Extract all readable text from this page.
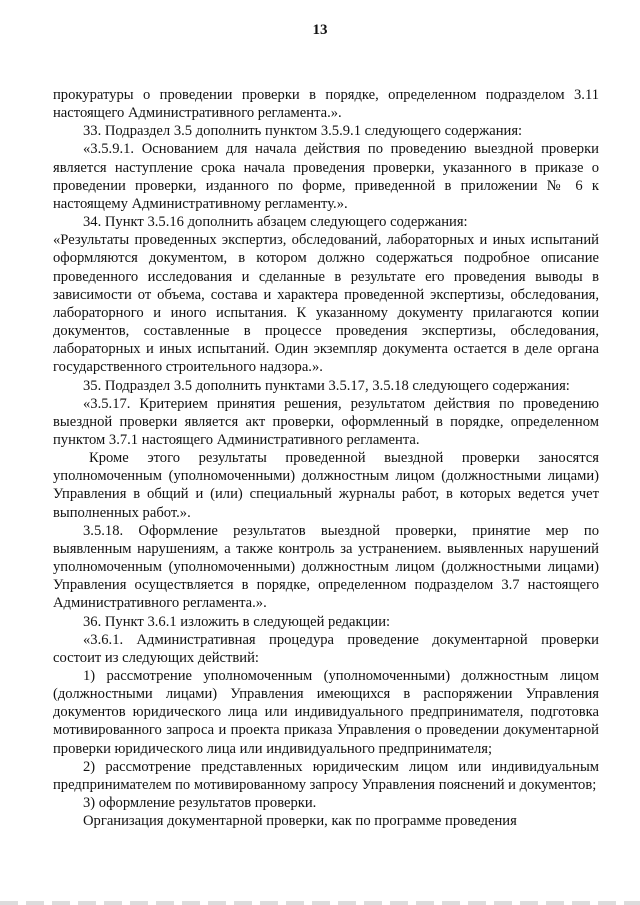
13

прокуратуры о проведении проверки в порядке, определенном подразделом 3.11 настоящего Административного регламента.».

33. Подраздел 3.5 дополнить пунктом 3.5.9.1 следующего содержания:

«3.5.9.1. Основанием для начала действия по проведению выездной проверки является наступление срока начала проведения проверки, указанного в приказе о проведении проверки, изданного по форме, приведенной в приложении № 6 к настоящему Административному регламенту.».

34. Пункт 3.5.16 дополнить абзацем следующего содержания:

«Результаты проведенных экспертиз, обследований, лабораторных и иных испытаний оформляются документом, в котором должно содержаться подробное описание проведенного исследования и сделанные в результате его проведения выводы в зависимости от объема, состава и характера проведенной экспертизы, обследования, лабораторного и иного испытания. К указанному документу прилагаются копии документов, составленные в процессе проведения экспертизы, обследования, лабораторных и иных испытаний. Один экземпляр документа остается в деле органа государственного строительного надзора.».

35. Подраздел 3.5 дополнить пунктами 3.5.17, 3.5.18 следующего содержания:

«3.5.17. Критерием принятия решения, результатом действия по проведению выездной проверки является акт проверки, оформленный в порядке, определенном пунктом 3.7.1 настоящего Административного регламента.

Кроме этого результаты проведенной выездной проверки заносятся уполномоченным (уполномоченными) должностным лицом (должностными лицами) Управления в общий и (или) специальный журналы работ, в которых ведется учет выполненных работ.».

3.5.18. Оформление результатов выездной проверки, принятие мер по выявленным нарушениям, а также контроль за устранением. выявленных нарушений уполномоченным (уполномоченными) должностным лицом (должностными лицами) Управления осуществляется в порядке, определенном подразделом 3.7 настоящего Административного регламента.».

36. Пункт 3.6.1 изложить в следующей редакции:

«3.6.1. Административная процедура проведение документарной проверки состоит из следующих действий:

1) рассмотрение уполномоченным (уполномоченными) должностным лицом (должностными лицами) Управления имеющихся в распоряжении Управления документов юридического лица или индивидуального предпринимателя, подготовка мотивированного запроса и проекта приказа Управления о проведении документарной проверки юридического лица или индивидуального предпринимателя;

2) рассмотрение представленных юридическим лицом или индивидуальным предпринимателем по мотивированному запросу Управления пояснений и документов;

3) оформление результатов проверки.

Организация документарной проверки, как по программе проведения
